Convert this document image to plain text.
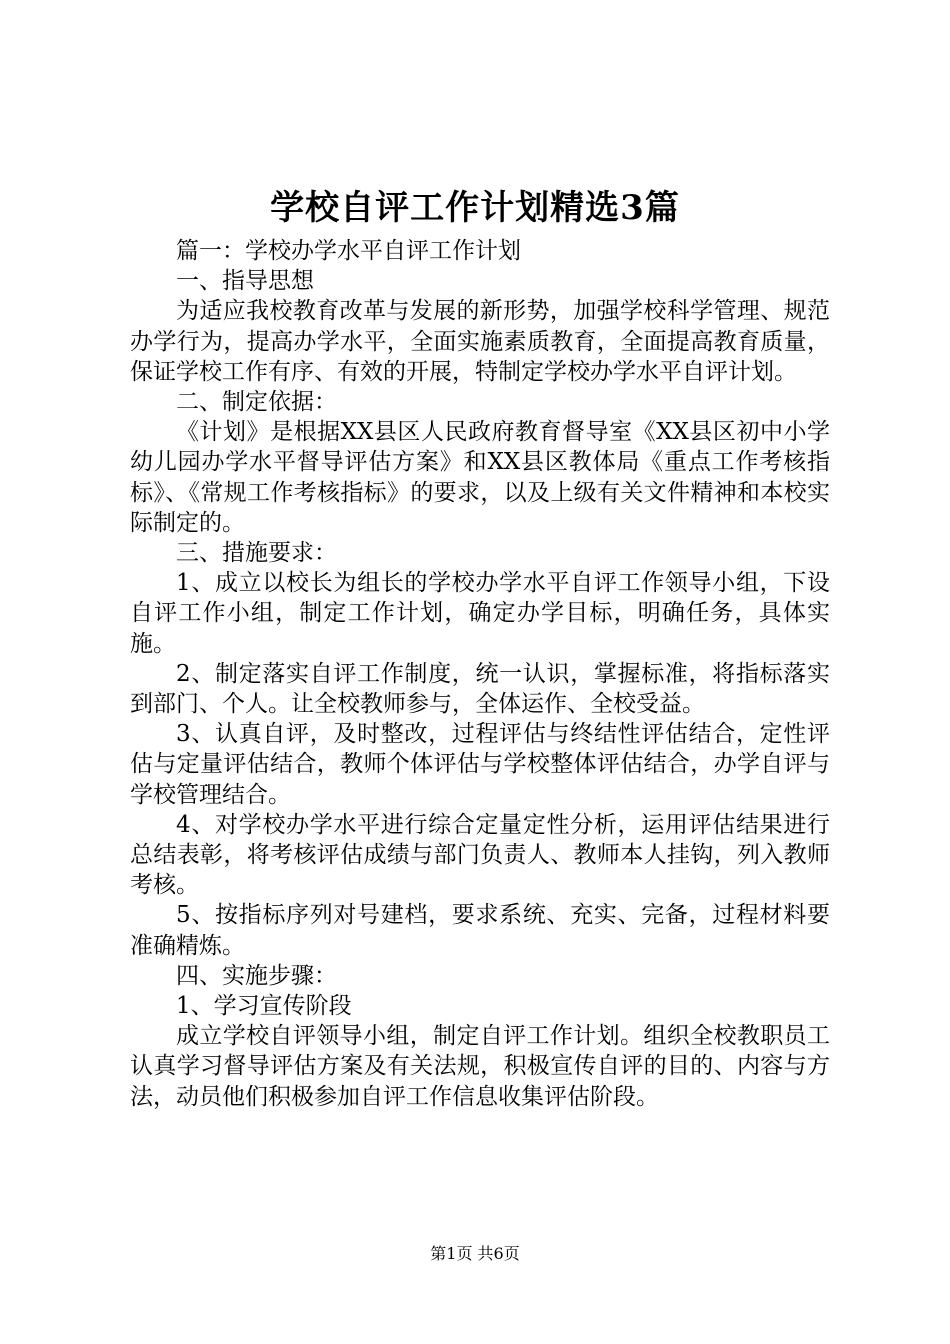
学校自评工作计划精选3篇

篇一：学校办学水平自评工作计划

一、指导思想

为适应我校教育改革与发展的新形势，加强学校科学管理、规范办学行为，提高办学水平，全面实施素质教育，全面提高教育质量，保证学校工作有序、有效的开展，特制定学校办学水平自评计划。

二、制定依据：

《计划》是根据XX县区人民政府教育督导室《XX县区初中小学幼儿园办学水平督导评估方案》和XX县区教体局《重点工作考核指标》、《常规工作考核指标》的要求，以及上级有关文件精神和本校实际制定的。

三、措施要求：

1、成立以校长为组长的学校办学水平自评工作领导小组，下设自评工作小组，制定工作计划，确定办学目标，明确任务，具体实施。

2、制定落实自评工作制度，统一认识，掌握标准，将指标落实到部门、个人。让全校教师参与，全体运作、全校受益。

3、认真自评，及时整改，过程评估与终结性评估结合，定性评估与定量评估结合，教师个体评估与学校整体评估结合，办学自评与学校管理结合。

4、对学校办学水平进行综合定量定性分析，运用评估结果进行总结表彰，将考核评估成绩与部门负责人、教师本人挂钩，列入教师考核。

5、按指标序列对号建档，要求系统、充实、完备，过程材料要准确精炼。

四、实施步骤：

1、学习宣传阶段

成立学校自评领导小组，制定自评工作计划。组织全校教职员工认真学习督导评估方案及有关法规，积极宣传自评的目的、内容与方法，动员他们积极参加自评工作信息收集评估阶段。

第1页 共6页
